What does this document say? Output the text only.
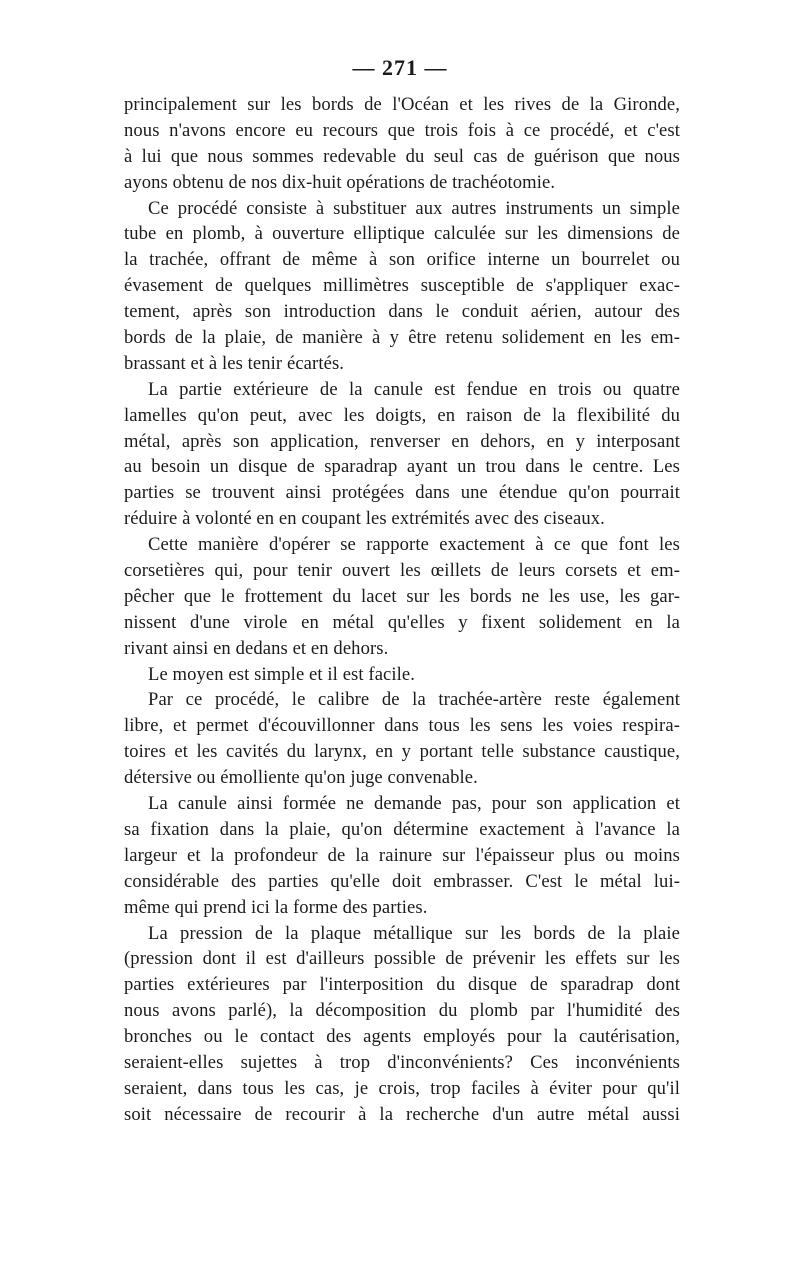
— 271 —
principalement sur les bords de l'Océan et les rives de la Gironde,
nous n'avons encore eu recours que trois fois à ce procédé, et c'est
à lui que nous sommes redevable du seul cas de guérison que nous
ayons obtenu de nos dix-huit opérations de trachéotomie.
Ce procédé consiste à substituer aux autres instruments un simple
tube en plomb, à ouverture elliptique calculée sur les dimensions de
la trachée, offrant de même à son orifice interne un bourrelet ou
évasement de quelques millimètres susceptible de s'appliquer exac-
tement, après son introduction dans le conduit aérien, autour des
bords de la plaie, de manière à y être retenu solidement en les em-
brassant et à les tenir écartés.
La partie extérieure de la canule est fendue en trois ou quatre
lamelles qu'on peut, avec les doigts, en raison de la flexibilité du
métal, après son application, renverser en dehors, en y interposant
au besoin un disque de sparadrap ayant un trou dans le centre. Les
parties se trouvent ainsi protégées dans une étendue qu'on pourrait
réduire à volonté en en coupant les extrémités avec des ciseaux.
Cette manière d'opérer se rapporte exactement à ce que font les
corsetières qui, pour tenir ouvert les œillets de leurs corsets et em-
pêcher que le frottement du lacet sur les bords ne les use, les gar-
nissent d'une virole en métal qu'elles y fixent solidement en la
rivant ainsi en dedans et en dehors.
Le moyen est simple et il est facile.
Par ce procédé, le calibre de la trachée-artère reste également
libre, et permet d'écouvillonner dans tous les sens les voies respira-
toires et les cavités du larynx, en y portant telle substance caustique,
détersive ou émolliente qu'on juge convenable.
La canule ainsi formée ne demande pas, pour son application et
sa fixation dans la plaie, qu'on détermine exactement à l'avance la
largeur et la profondeur de la rainure sur l'épaisseur plus ou moins
considérable des parties qu'elle doit embrasser. C'est le métal lui-
même qui prend ici la forme des parties.
La pression de la plaque métallique sur les bords de la plaie
(pression dont il est d'ailleurs possible de prévenir les effets sur les
parties extérieures par l'interposition du disque de sparadrap dont
nous avons parlé), la décomposition du plomb par l'humidité des
bronches ou le contact des agents employés pour la cautérisation,
seraient-elles sujettes à trop d'inconvénients? Ces inconvénients
seraient, dans tous les cas, je crois, trop faciles à éviter pour qu'il
soit nécessaire de recourir à la recherche d'un autre métal aussi
